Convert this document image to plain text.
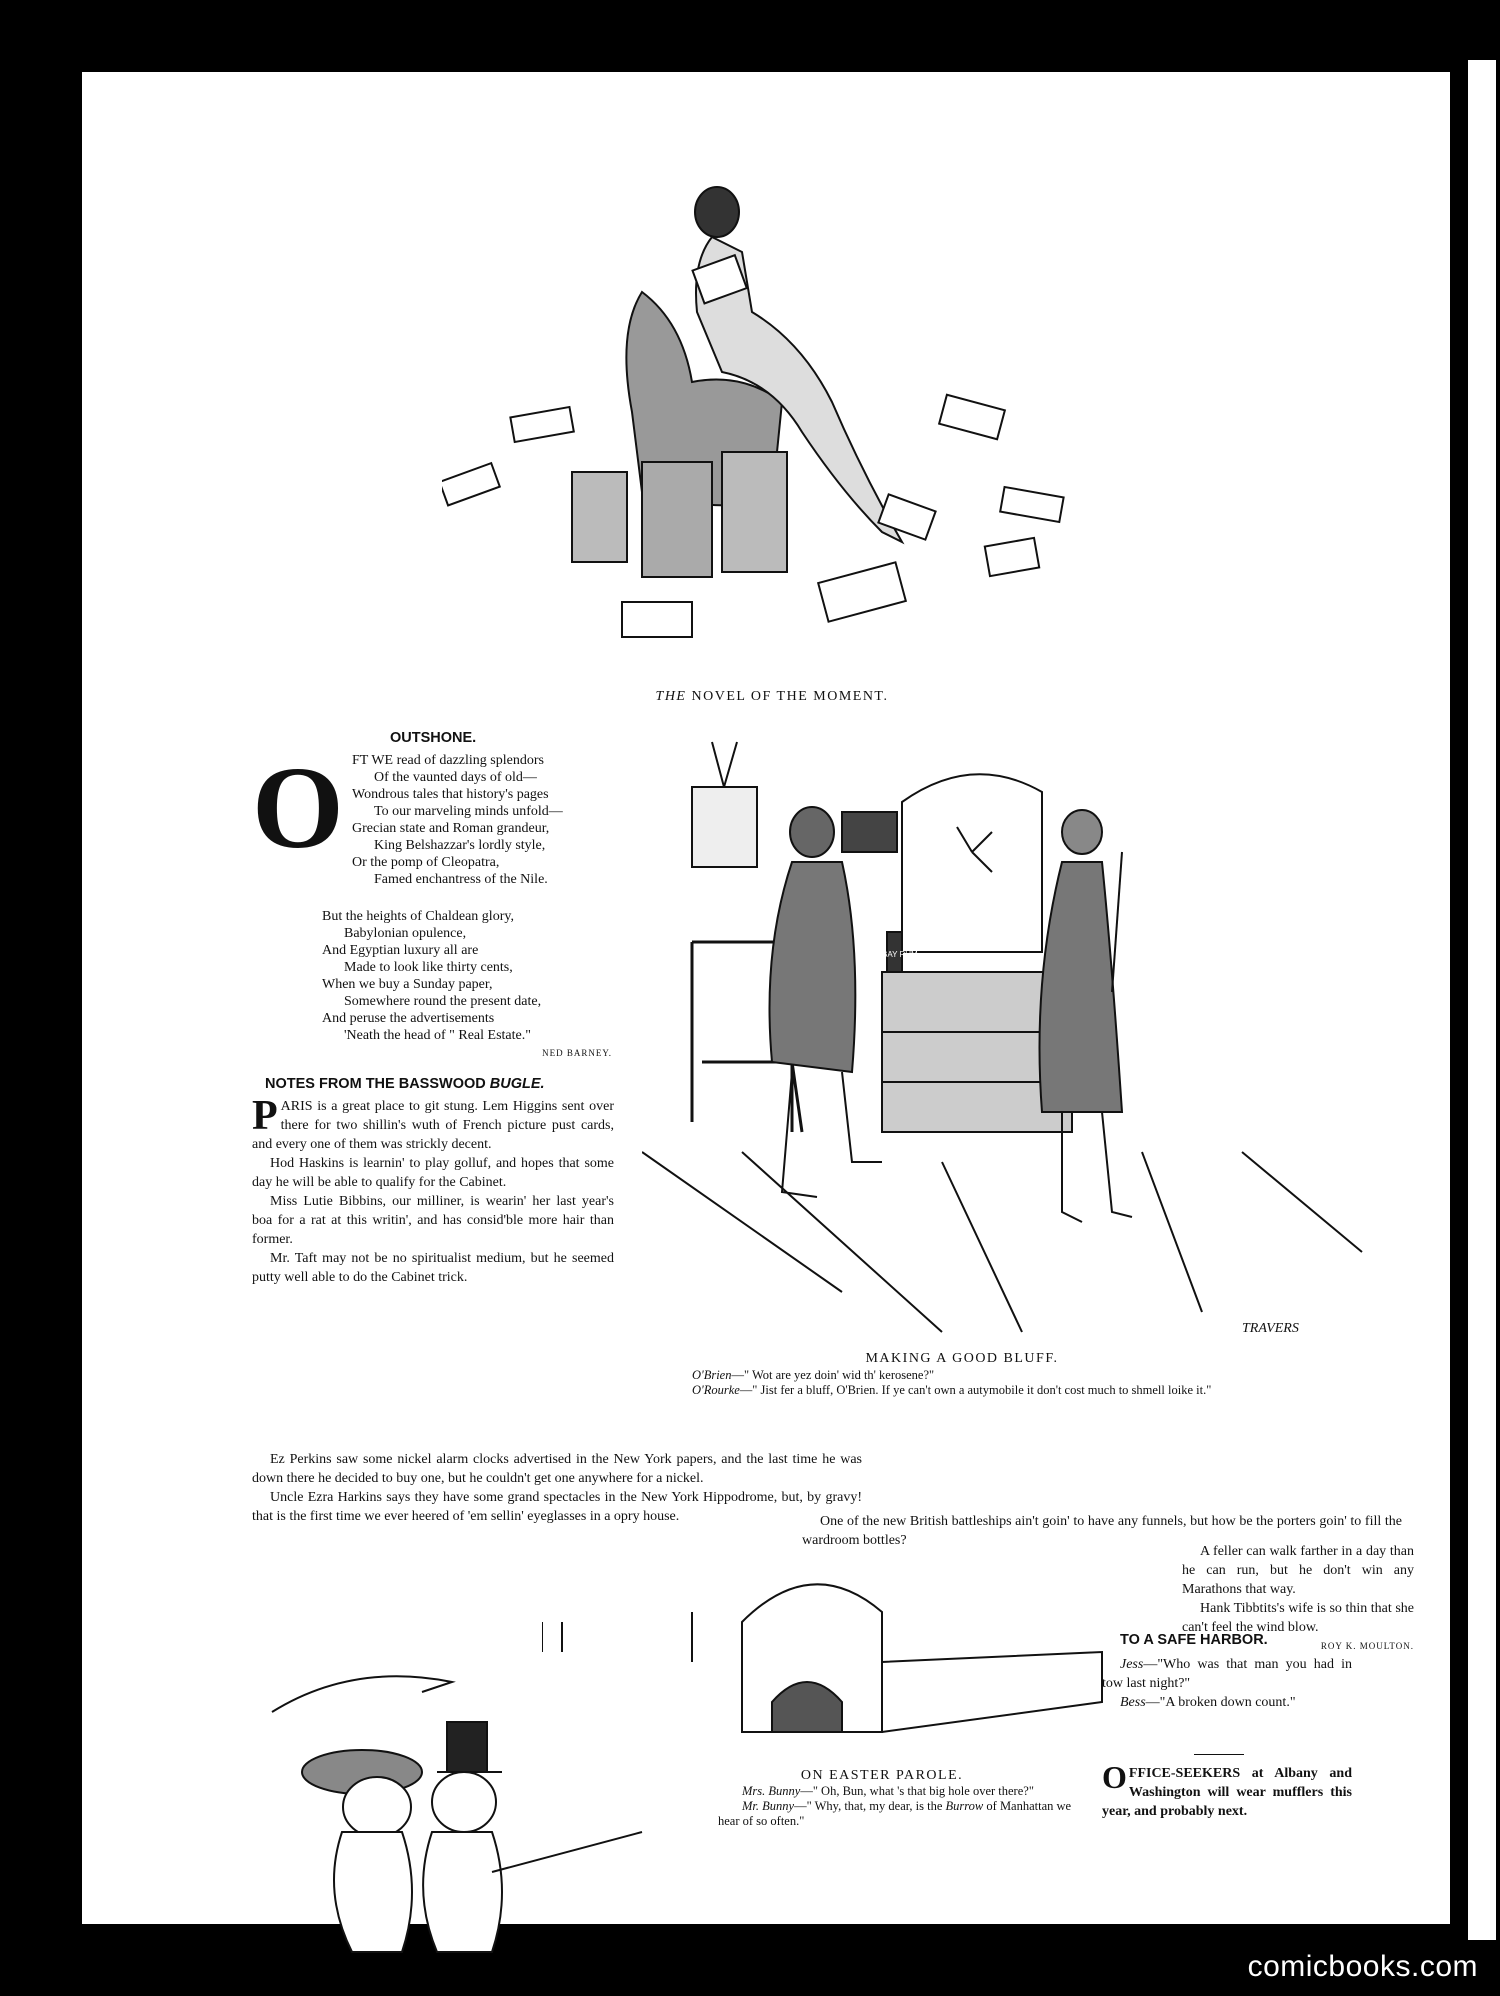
THE NOVEL OF THE MOMENT.
OUTSHONE.
O FT WE read of dazzling splendors
Of the vaunted days of old—
Wondrous tales that history's pages
To our marveling minds unfold—
Grecian state and Roman grandeur,
King Belshazzar's lordly style,
Or the pomp of Cleopatra,
Famed enchantress of the Nile.
But the heights of Chaldean glory,
Babylonian opulence,
And Egyptian luxury all are
Made to look like thirty cents,
When we buy a Sunday paper,
Somewhere round the present date,
And peruse the advertisements
'Neath the head of " Real Estate."
NED BARNEY.
NOTES FROM THE BASSWOOD BUGLE.

PARIS is a great place to git stung. Lem Higgins sent over there for two shillin's wuth of French picture pust cards, and every one of them was strickly decent.

Hod Haskins is learnin' to play golluf, and hopes that some day he will be able to qualify for the Cabinet.

Miss Lutie Bibbins, our milliner, is wearin' her last year's boa for a rat at this writin', and has consid'ble more hair than former.

Mr. Taft may not be no spiritualist medium, but he seemed putty well able to do the Cabinet trick.

BAY RUM
TRAVERS
MAKING A GOOD BLUFF.
O'Brien—" Wot are yez doin' wid th' kerosene?"
O'Rourke—" Jist fer a bluff, O'Brien. If ye can't own a autymobile it don't cost much to shmell loike it."

Ez Perkins saw some nickel alarm clocks advertised in the New York papers, and the last time he was down there he decided to buy one, but he couldn't get one anywhere for a nickel.

Uncle Ezra Harkins says they have some grand spectacles in the New York Hippodrome, but, by gravy! that is the first time we ever heered of 'em sellin' eyeglasses in a opry house.	One of the new British battleships ain't goin' to have any funnels, but how be the porters goin' to fill the wardroom bottles?

A feller can walk farther in a day than he can run, but he don't win any Marathons that way.

Hank Tibbtits's wife is so thin that she can't feel the wind blow.

ROY K. MOULTON.
ON EASTER PAROLE.
Mrs. Bunny—" Oh, Bun, what 's that big hole over there?"
Mr. Bunny—" Why, that, my dear, is the Burrow of Manhattan we hear of so often."
TO A SAFE HARBOR.

Jess—"Who was that man you had in tow last night?"

Bess—"A broken down count."

OFFICE-SEEKERS at Albany and Washington will wear mufflers this year, and probably next.

comicbooks.com
